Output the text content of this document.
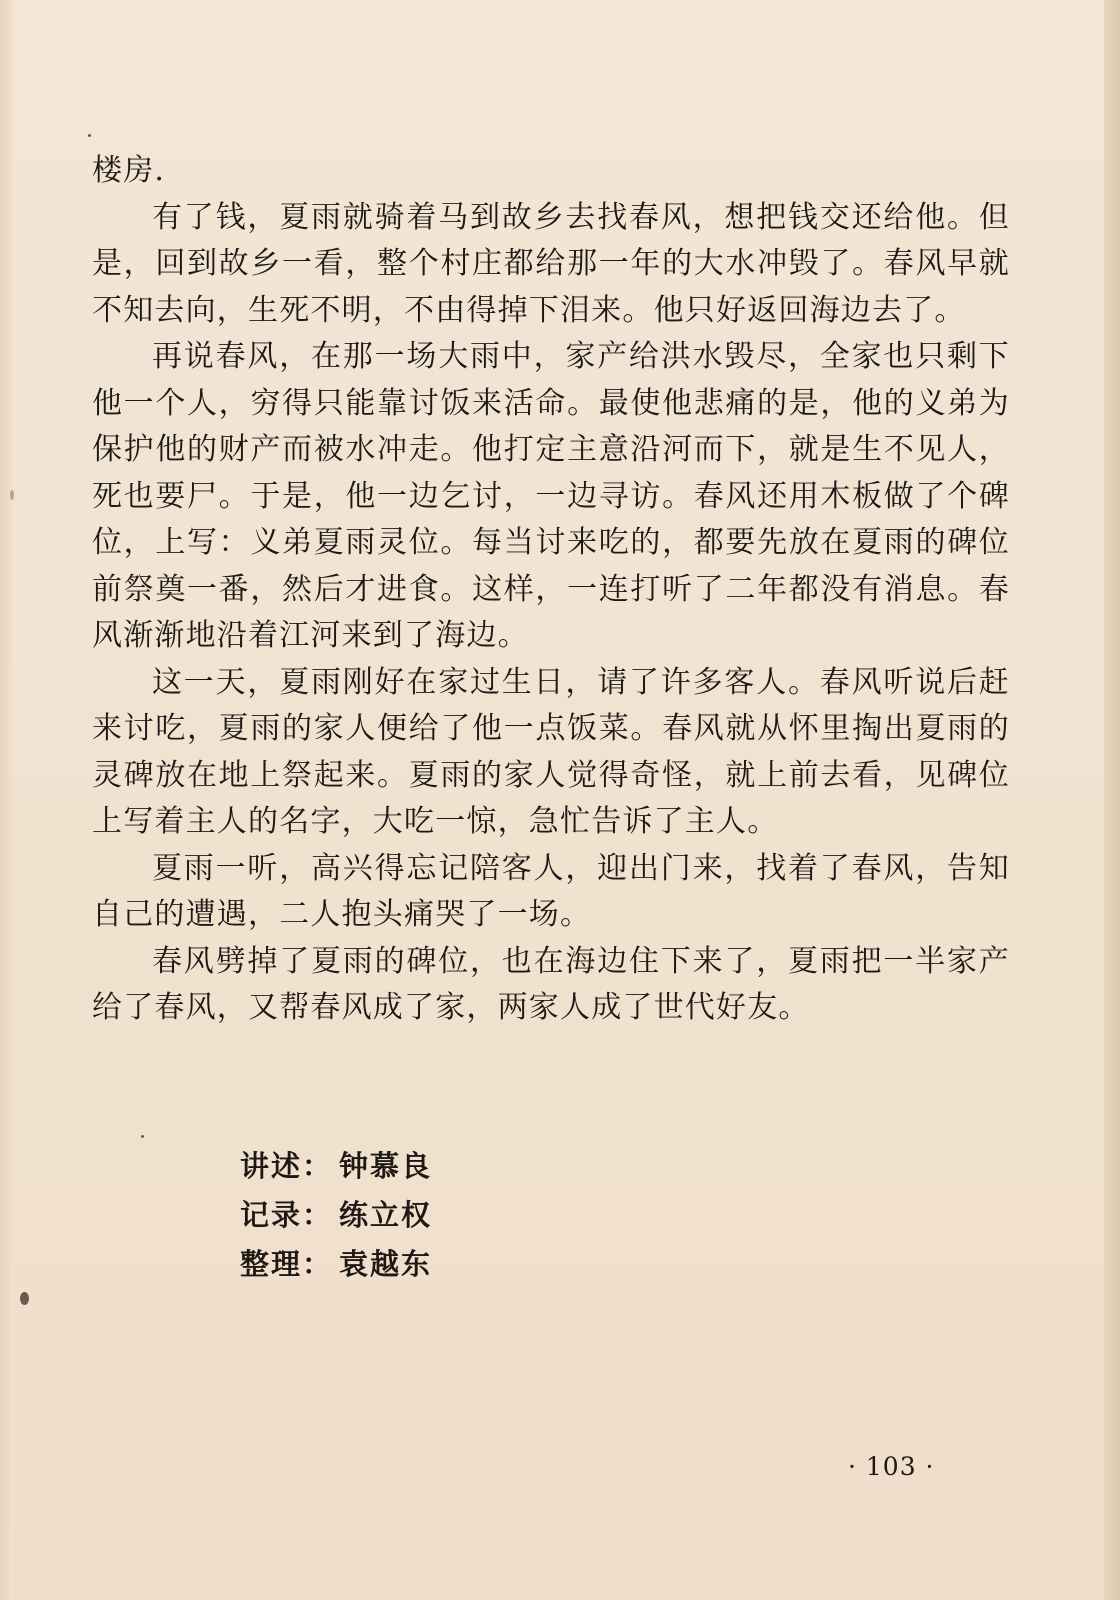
楼房.

有了钱，夏雨就骑着马到故乡去找春风，想把钱交还给他。但是，回到故乡一看，整个村庄都给那一年的大水冲毁了。春风早就不知去向，生死不明，不由得掉下泪来。他只好返回海边去了。

再说春风，在那一场大雨中，家产给洪水毁尽，全家也只剩下他一个人，穷得只能靠讨饭来活命。最使他悲痛的是，他的义弟为保护他的财产而被水冲走。他打定主意沿河而下，就是生不见人，死也要尸。于是，他一边乞讨，一边寻访。春风还用木板做了个碑位，上写：义弟夏雨灵位。每当讨来吃的，都要先放在夏雨的碑位前祭奠一番，然后才进食。这样，一连打听了二年都没有消息。春风渐渐地沿着江河来到了海边。

这一天，夏雨刚好在家过生日，请了许多客人。春风听说后赶来讨吃，夏雨的家人便给了他一点饭菜。春风就从怀里掏出夏雨的灵碑放在地上祭起来。夏雨的家人觉得奇怪，就上前去看，见碑位上写着主人的名字，大吃一惊，急忙告诉了主人。

夏雨一听，高兴得忘记陪客人，迎出门来，找着了春风，告知自己的遭遇，二人抱头痛哭了一场。

春风劈掉了夏雨的碑位，也在海边住下来了，夏雨把一半家产给了春风，又帮春风成了家，两家人成了世代好友。

讲述： 钟慕良
记录： 练立权
整理： 袁越东
· 103 ·
